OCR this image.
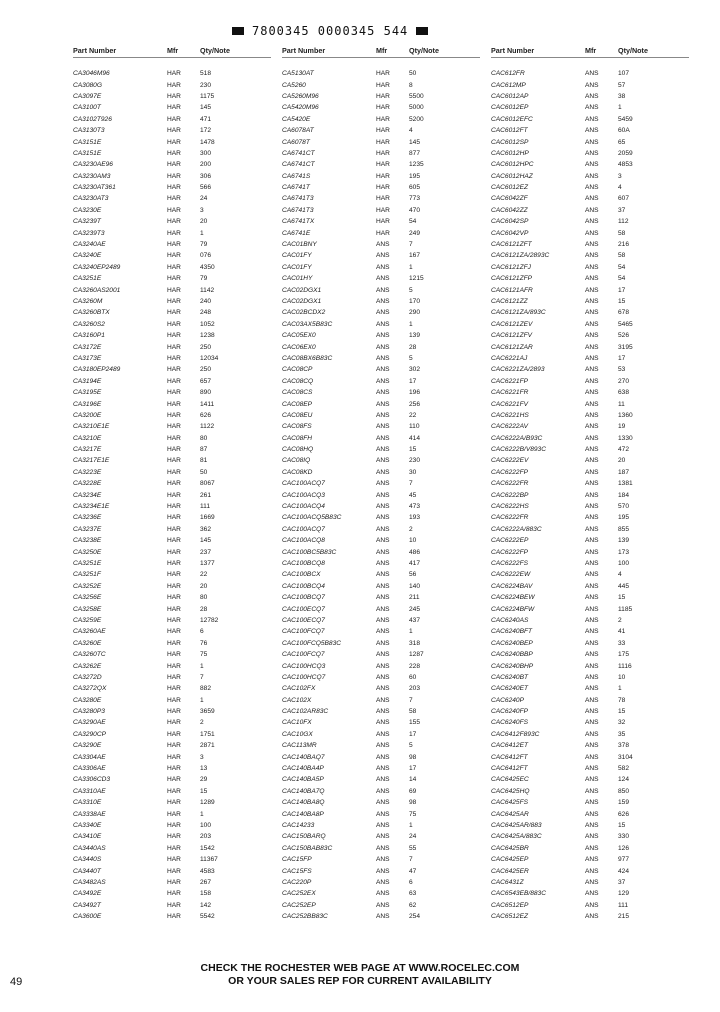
7800345 0000345 544
Part Number	Mfr	Qty/Note
CA3046M96	HAR	518
CA3080G	HAR	230
CA3097E	HAR	1175
CA3100T	HAR	145
CA3102T926	HAR	471
CA3130T3	HAR	172
CA3151E	HAR	1478
CA3151E	HAR	300
CA3230AE96	HAR	200
CA3230AM3	HAR	306
CA3230AT361	HAR	566
CA3230AT3	HAR	24
CA3230E	HAR	3
CA3239T	HAR	20
CA3239T3	HAR	1
CA3240AE	HAR	79
CA3240E	HAR	076
CA3240EP2489	HAR	4350
CA3251E	HAR	79
CA3260AS2001	HAR	1142
CA3260M	HAR	240
CA3260BTX	HAR	248
CA3260S2	HAR	1052
CA3160P1	HAR	1238
CA3172E	HAR	250
CA3173E	HAR	12034
CA3180EP2489	HAR	250
CA3194E	HAR	657
CA3195E	HAR	890
CA3196E	HAR	1411
CA3200E	HAR	626
CA3210E1E	HAR	1122
CA3210E	HAR	80
CA3217E	HAR	87
CA3217E1E	HAR	81
CA3223E	HAR	50
CA3228E	HAR	8067
CA3234E	HAR	261
CA3234E1E	HAR	111
CA3236E	HAR	1669
CA3237E	HAR	362
CA3238E	HAR	145
CA3250E	HAR	237
CA3251E	HAR	1377
CA3251F	HAR	22
CA3252E	HAR	20
CA3256E	HAR	80
CA3258E	HAR	28
CA3259E	HAR	12782
CA3260AE	HAR	6
CA3260E	HAR	76
CA3260TC	HAR	75
CA3262E	HAR	1
CA3272D	HAR	7
CA3272QX	HAR	882
CA3280E	HAR	1
CA3280P3	HAR	3659
CA3290AE	HAR	2
CA3290CP	HAR	1751
CA3290E	HAR	2871
CA3304AE	HAR	3
CA3306AE	HAR	13
CA3306CD3	HAR	29
CA3310AE	HAR	15
CA3310E	HAR	1289
CA3338AE	HAR	1
CA3340E	HAR	100
CA3410E	HAR	203
CA3440AS	HAR	1542
CA3440S	HAR	11367
CA3440T	HAR	4583
CA3482AS	HAR	267
CA3492E	HAR	158
CA3492T	HAR	142
CA3600E	HAR	5542
Part Number	Mfr	Qty/Note
CA5130AT	HAR	50
CA5260	HAR	8
CA5260M96	HAR	5500
CA5420M96	HAR	5000
CA5420E	HAR	5200
CA6078AT	HAR	4
CA6078T	HAR	145
CA6741CT	HAR	877
CA6741CT	HAR	1235
CA6741S	HAR	195
CA6741T	HAR	605
CA6741T3	HAR	773
CA6741T3	HAR	470
CA6741TX	HAR	54
CA6741E	HAR	249
CAC01BNY	ANS	7
CAC01FY	ANS	167
CAC01FY	ANS	1
CAC01HY	ANS	1215
CAC02DGX1	ANS	5
CAC02DGX1	ANS	170
CAC02BCDX2	ANS	290
CAC03AX5B83C	ANS	1
CAC05EX0	ANS	139
CAC06EX0	ANS	28
CAC08BX6B83C	ANS	5
CAC08CP	ANS	302
CAC08CQ	ANS	17
CAC08CS	ANS	196
CAC08EP	ANS	256
CAC08EU	ANS	22
CAC08FS	ANS	110
CAC08FH	ANS	414
CAC08HQ	ANS	15
CAC08IQ	ANS	230
CAC08KD	ANS	30
CAC100ACQ7	ANS	7
CAC100ACQ3	ANS	45
CAC100ACQ4	ANS	473
CAC100ACQ5B83C	ANS	193
CAC100ACQ7	ANS	2
CAC100ACQ8	ANS	10
CAC100BC5B83C	ANS	486
CAC100BCQ8	ANS	417
CAC100BCX	ANS	56
CAC100BCQ4	ANS	140
CAC100BCQ7	ANS	211
CAC100ECQ7	ANS	245
CAC100ECQ7	ANS	437
CAC100FCQ7	ANS	1
CAC100FCQ5B83C	ANS	318
CAC100FCQ7	ANS	1287
CAC100HCQ3	ANS	228
CAC100HCQ7	ANS	60
CAC102FX	ANS	203
CAC102X	ANS	7
CAC102AR83C	ANS	58
CAC10FX	ANS	155
CAC10GX	ANS	17
CAC113MR	ANS	5
CAC140BAQ7	ANS	98
CAC140BA4P	ANS	17
CAC140BA5P	ANS	14
CAC140BA7Q	ANS	69
CAC140BA8Q	ANS	98
CAC140BA8P	ANS	75
CAC14233	ANS	1
CAC150BARQ	ANS	24
CAC150BAB83C	ANS	55
CAC15FP	ANS	7
CAC15FS	ANS	47
CAC220P	ANS	6
CAC252EX	ANS	63
CAC252EP	ANS	62
CAC252BB83C	ANS	254
Part Number	Mfr	Qty/Note
CAC612FR	ANS	107
CAC612MP	ANS	57
CAC6012AP	ANS	38
CAC6012EP	ANS	1
CAC6012EFC	ANS	5459
CAC6012FT	ANS	60A
CAC6012SP	ANS	65
CAC6012HP	ANS	2059
CAC6012HPC	ANS	4853
CAC6012HAZ	ANS	3
CAC6012EZ	ANS	4
CAC6042ZF	ANS	607
CAC6042ZZ	ANS	37
CAC6042SP	ANS	112
CAC6042VP	ANS	58
CAC6121ZFT	ANS	216
CAC6121ZA/2893C	ANS	58
CAC6121ZFJ	ANS	54
CAC6121ZFP	ANS	54
CAC6121AFR	ANS	17
CAC6121ZZ	ANS	15
CAC6121ZA/893C	ANS	678
CAC6121ZEV	ANS	5465
CAC6121ZFV	ANS	526
CAC6121ZAR	ANS	3195
CAC6221AJ	ANS	17
CAC6221ZA/2893	ANS	53
CAC6221FP	ANS	270
CAC6221FR	ANS	638
CAC6221FV	ANS	11
CAC6221HS	ANS	1360
CAC6222AV	ANS	19
CAC6222A/B93C	ANS	1330
CAC6222B/V893C	ANS	472
CAC6222EV	ANS	20
CAC6222FP	ANS	187
CAC6222FR	ANS	1381
CAC6222BP	ANS	184
CAC6222HS	ANS	570
CAC6222FR	ANS	195
CAC6222A/883C	ANS	855
CAC6222EP	ANS	139
CAC6222FP	ANS	173
CAC6222FS	ANS	100
CAC6222EW	ANS	4
CAC6224BAV	ANS	445
CAC6224BEW	ANS	15
CAC6224BFW	ANS	1185
CAC6240AS	ANS	2
CAC6240BFT	ANS	41
CAC6240BEP	ANS	33
CAC6240BBP	ANS	175
CAC6240BHP	ANS	1116
CAC6240BT	ANS	10
CAC6240ET	ANS	1
CAC6240P	ANS	78
CAC6240FP	ANS	15
CAC6240FS	ANS	32
CAC6412F893C	ANS	35
CAC6412ET	ANS	378
CAC6412FT	ANS	3104
CAC6412FT	ANS	582
CAC6425EC	ANS	124
CAC6425HQ	ANS	850
CAC6425FS	ANS	159
CAC6425AR	ANS	626
CAC6425AR/883	ANS	15
CAC6425A/883C	ANS	330
CAC6425BR	ANS	126
CAC6425EP	ANS	977
CAC6425ER	ANS	424
CAC6431Z	ANS	37
CAC6543EB/883C	ANS	129
CAC6512EP	ANS	111
CAC6512EZ	ANS	215
CHECK THE ROCHESTER WEB PAGE AT WWW.ROCELEC.COM
OR YOUR SALES REP FOR CURRENT AVAILABILITY
49
